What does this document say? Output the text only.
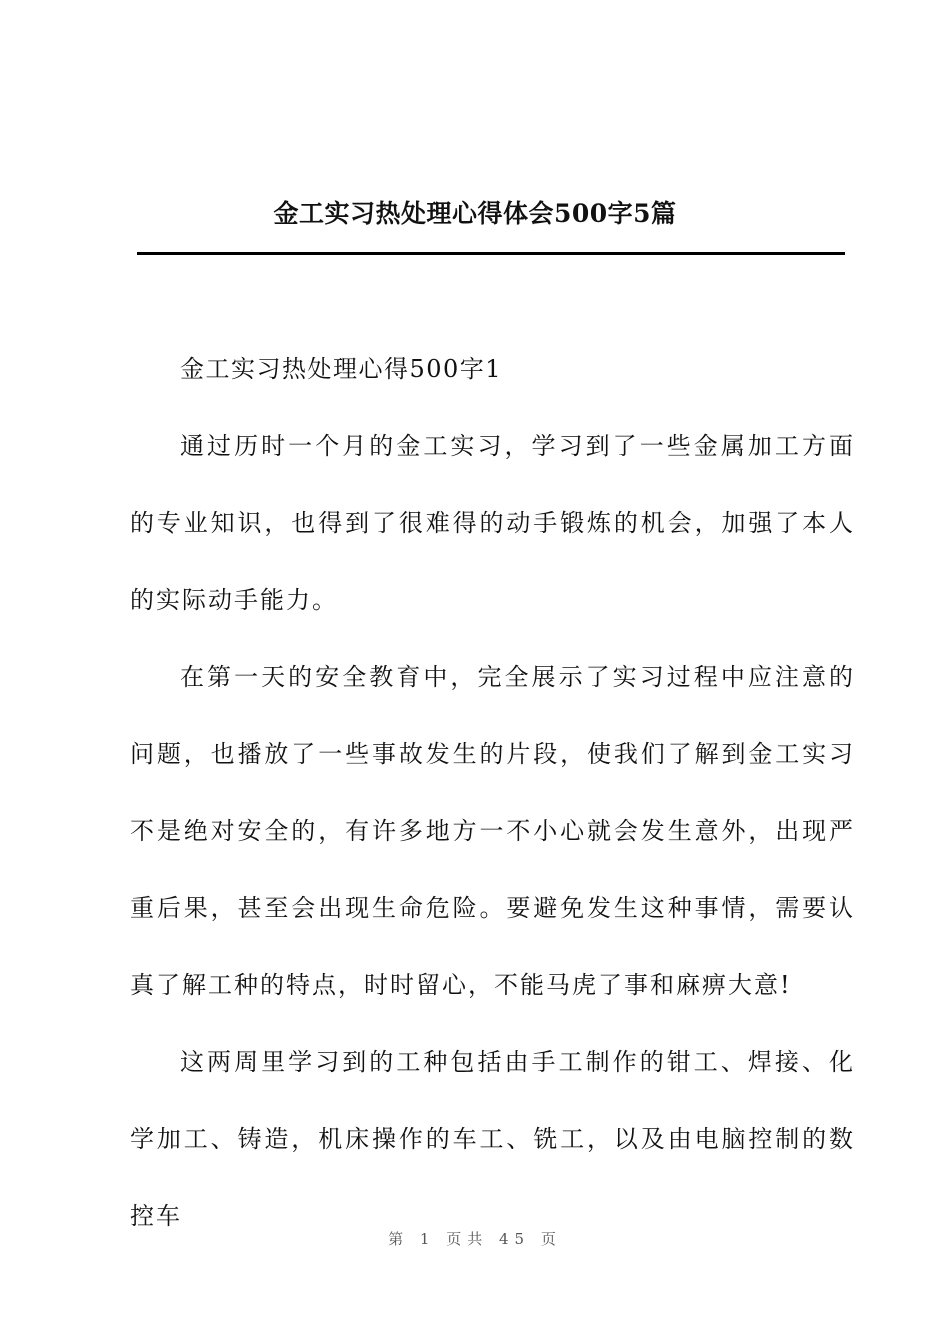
金工实习热处理心得体会500字5篇

金工实习热处理心得500字1

通过历时一个月的金工实习，学习到了一些金属加工方面的专业知识，也得到了很难得的动手锻炼的机会，加强了本人的实际动手能力。

在第一天的安全教育中，完全展示了实习过程中应注意的问题，也播放了一些事故发生的片段，使我们了解到金工实习不是绝对安全的，有许多地方一不小心就会发生意外，出现严重后果，甚至会出现生命危险。要避免发生这种事情，需要认真了解工种的特点，时时留心，不能马虎了事和麻痹大意!

这两周里学习到的工种包括由手工制作的钳工、焊接、化学加工、铸造，机床操作的车工、铣工，以及由电脑控制的数控车

第 1 页共 45 页
